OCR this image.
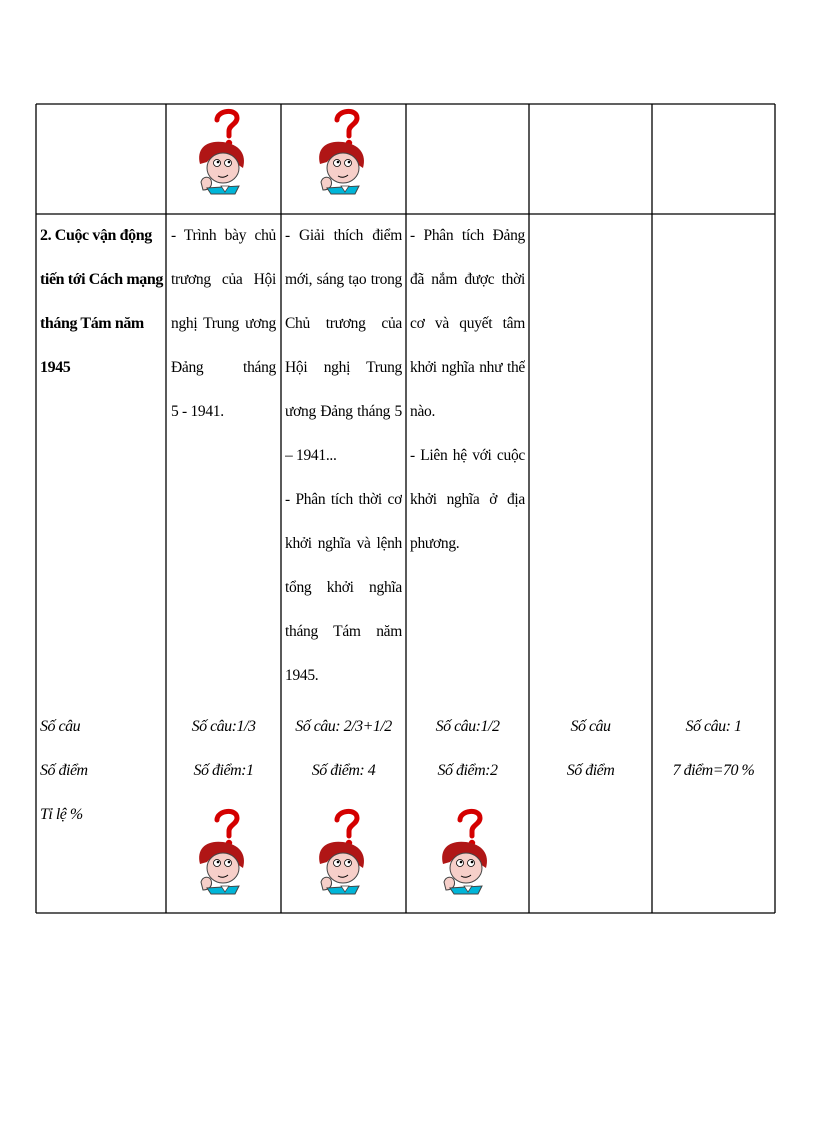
2. Cuộc vận động
tiến tới Cách mạng
tháng Tám năm
1945
- Trình bày chủ
trương của Hội
nghị Trung ương
Đảng tháng
5 - 1941.
- Giải thích điểm
mới, sáng tạo trong
Chủ trương của
Hội nghị Trung
ương Đảng tháng 5
– 1941...
- Phân tích thời cơ
khởi nghĩa và lệnh
tổng khởi nghĩa
tháng Tám năm
1945.
- Phân tích Đảng
đã nắm được thời
cơ và quyết tâm
khởi nghĩa như thế
nào.
- Liên hệ với cuộc
khởi nghĩa ở địa
phương.
Số câu
Số điểm
Tỉ lệ %
Số câu:1/3
Số điểm:1
Số câu: 2/3+1/2
Số điểm: 4
Số câu:1/2
Số điểm:2
Số câu
Số điểm
Số câu: 1
7 điểm=70 %
